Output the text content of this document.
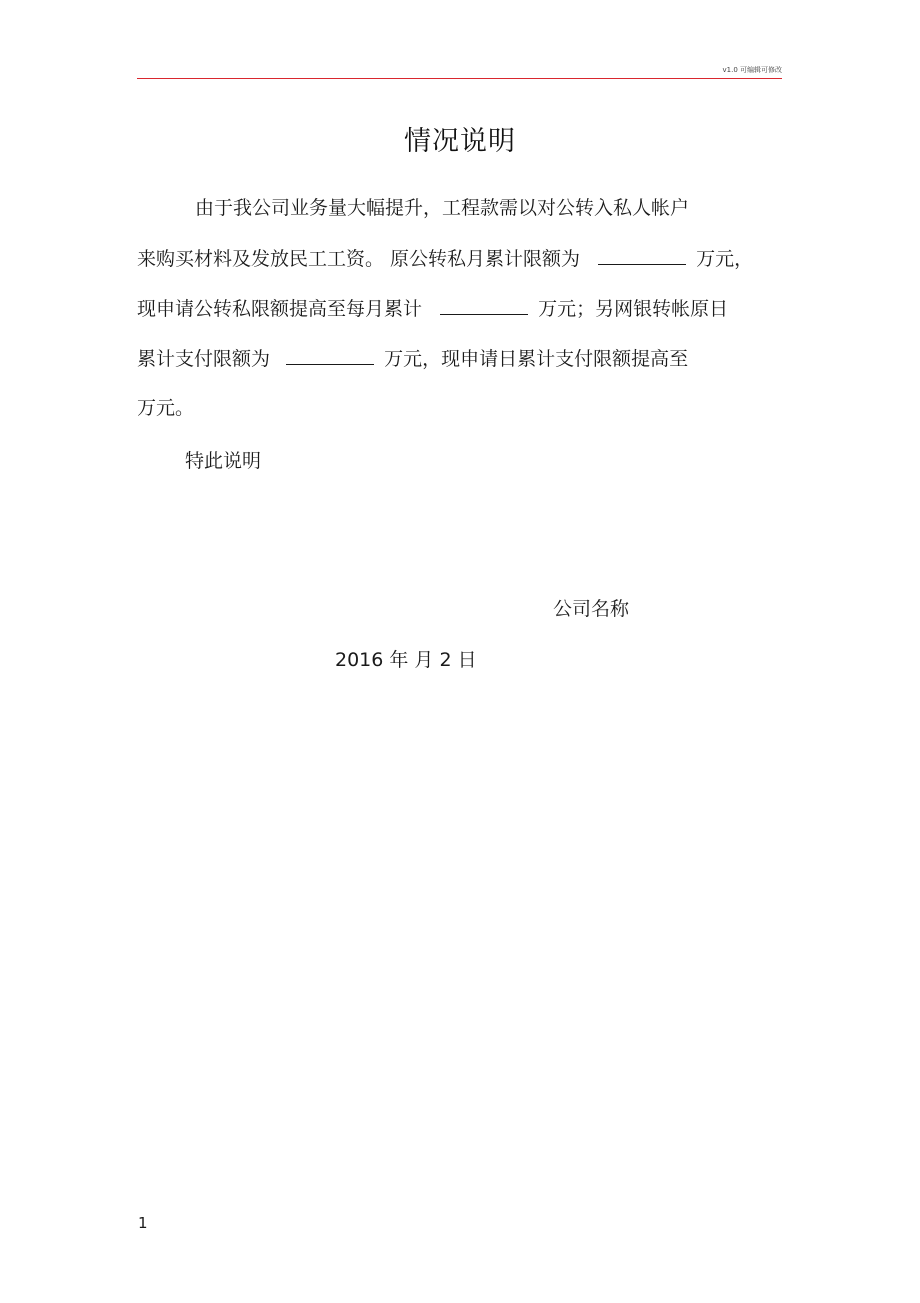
v1.0 可编辑可修改
情况说明
由于我公司业务量大幅提升，工程款需以对公转入私人帐户
来购买材料及发放民工工资。 原公转私月累计限额为	万元，
现申请公转私限额提高至每月累计	万元；另网银转帐原日
累计支付限额为	万元，现申请日累计支付限额提高至
万元。
特此说明
公司名称
2016 年 月 2 日
1
